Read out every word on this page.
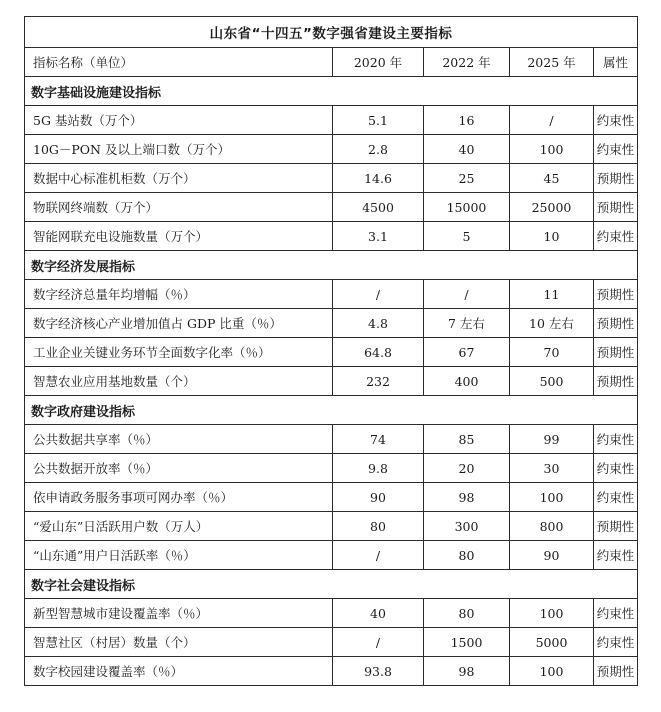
山东省“十四五”数字强省建设主要指标				
指标名称（单位）	2020 年	2022 年	2025 年	属性
数字基础设施建设指标				
5G 基站数（万个）	5.1	16	/	约束性
10G－PON 及以上端口数（万个）	2.8	40	100	约束性
数据中心标准机柜数（万个）	14.6	25	45	预期性
物联网终端数（万个）	4500	15000	25000	预期性
智能网联充电设施数量（万个）	3.1	5	10	约束性
数字经济发展指标				
数字经济总量年均增幅（％）	/	/	11	预期性
数字经济核心产业增加值占 GDP 比重（％）	4.8	7 左右	10 左右	预期性
工业企业关键业务环节全面数字化率（％）	64.8	67	70	预期性
智慧农业应用基地数量（个）	232	400	500	预期性
数字政府建设指标				
公共数据共享率（％）	74	85	99	约束性
公共数据开放率（％）	9.8	20	30	约束性
依申请政务服务事项可网办率（％）	90	98	100	约束性
“爱山东”日活跃用户数（万人）	80	300	800	预期性
“山东通”用户日活跃率（％）	/	80	90	约束性
数字社会建设指标				
新型智慧城市建设覆盖率（％）	40	80	100	约束性
智慧社区（村居）数量（个）	/	1500	5000	约束性
数字校园建设覆盖率（％）	93.8	98	100	预期性
